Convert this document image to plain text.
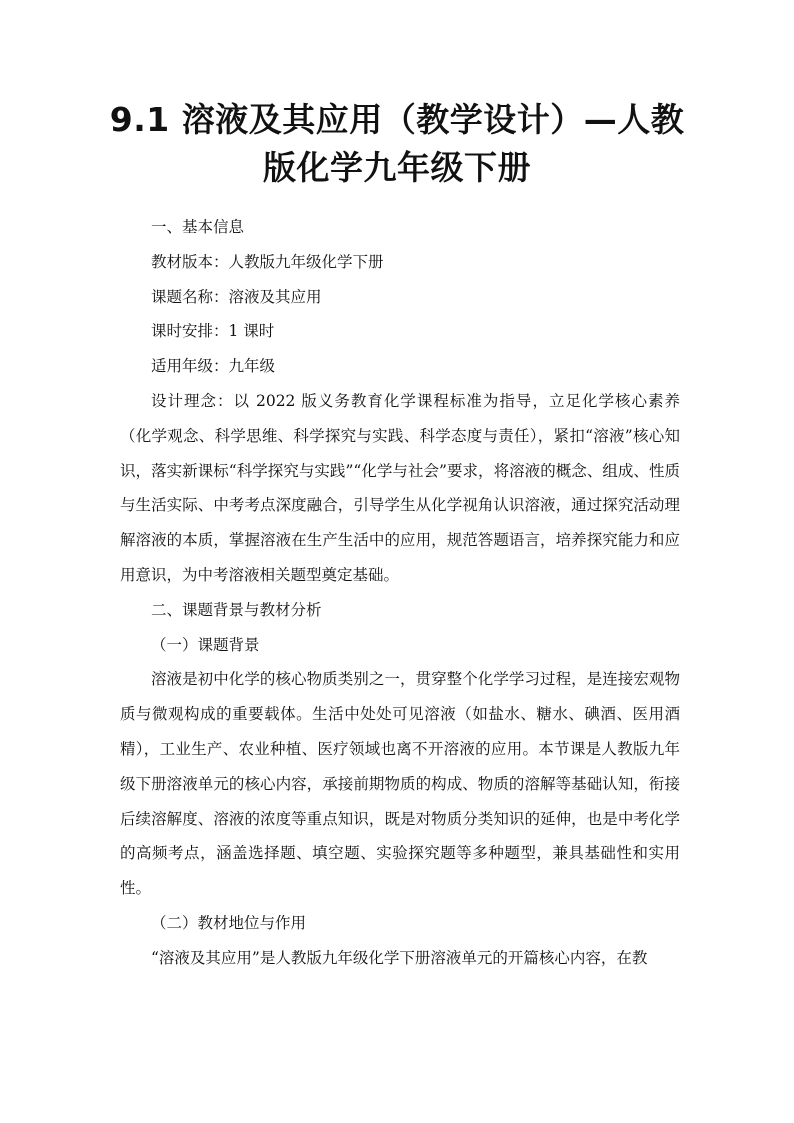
9.1 溶液及其应用（教学设计）—人教版化学九年级下册

一、基本信息

教材版本：人教版九年级化学下册

课题名称：溶液及其应用

课时安排：1 课时

适用年级：九年级

设计理念：以 2022 版义务教育化学课程标准为指导，立足化学核心素养（化学观念、科学思维、科学探究与实践、科学态度与责任），紧扣“溶液”核心知识，落实新课标“科学探究与实践”“化学与社会”要求，将溶液的概念、组成、性质与生活实际、中考考点深度融合，引导学生从化学视角认识溶液，通过探究活动理解溶液的本质，掌握溶液在生产生活中的应用，规范答题语言，培养探究能力和应用意识，为中考溶液相关题型奠定基础。

二、课题背景与教材分析

（一）课题背景

溶液是初中化学的核心物质类别之一，贯穿整个化学学习过程，是连接宏观物质与微观构成的重要载体。生活中处处可见溶液（如盐水、糖水、碘酒、医用酒精），工业生产、农业种植、医疗领域也离不开溶液的应用。本节课是人教版九年级下册溶液单元的核心内容，承接前期物质的构成、物质的溶解等基础认知，衔接后续溶解度、溶液的浓度等重点知识，既是对物质分类知识的延伸，也是中考化学的高频考点，涵盖选择题、填空题、实验探究题等多种题型，兼具基础性和实用性。

（二）教材地位与作用

“溶液及其应用”是人教版九年级化学下册溶液单元的开篇核心内容，在教
